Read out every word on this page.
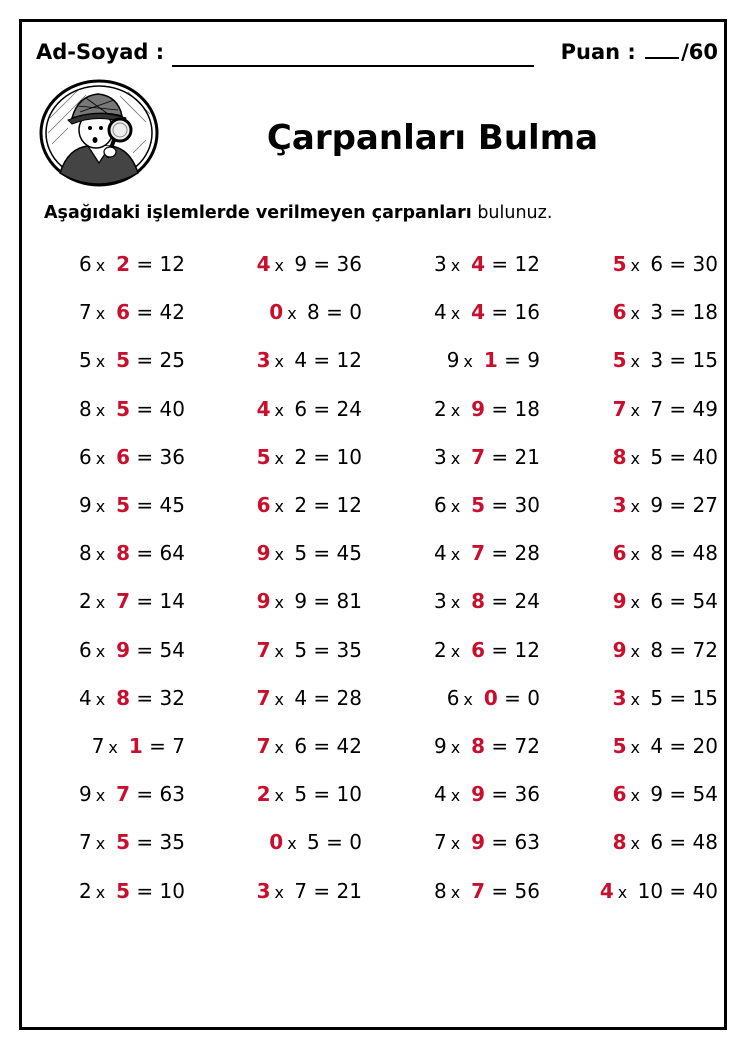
Ad-Soyad :	Puan : /60
Çarpanları Bulma
Aşağıdaki işlemlerde verilmeyen çarpanları bulunuz.
6 x 2 = 12	4 x 9 = 36	3 x 4 = 12	5 x 6 = 30
7 x 6 = 42	0 x 8 = 0	4 x 4 = 16	6 x 3 = 18
5 x 5 = 25	3 x 4 = 12	9 x 1 = 9	5 x 3 = 15
8 x 5 = 40	4 x 6 = 24	2 x 9 = 18	7 x 7 = 49
6 x 6 = 36	5 x 2 = 10	3 x 7 = 21	8 x 5 = 40
9 x 5 = 45	6 x 2 = 12	6 x 5 = 30	3 x 9 = 27
8 x 8 = 64	9 x 5 = 45	4 x 7 = 28	6 x 8 = 48
2 x 7 = 14	9 x 9 = 81	3 x 8 = 24	9 x 6 = 54
6 x 9 = 54	7 x 5 = 35	2 x 6 = 12	9 x 8 = 72
4 x 8 = 32	7 x 4 = 28	6 x 0 = 0	3 x 5 = 15
7 x 1 = 7	7 x 6 = 42	9 x 8 = 72	5 x 4 = 20
9 x 7 = 63	2 x 5 = 10	4 x 9 = 36	6 x 9 = 54
7 x 5 = 35	0 x 5 = 0	7 x 9 = 63	8 x 6 = 48
2 x 5 = 10	3 x 7 = 21	8 x 7 = 56	4 x 10 = 40
